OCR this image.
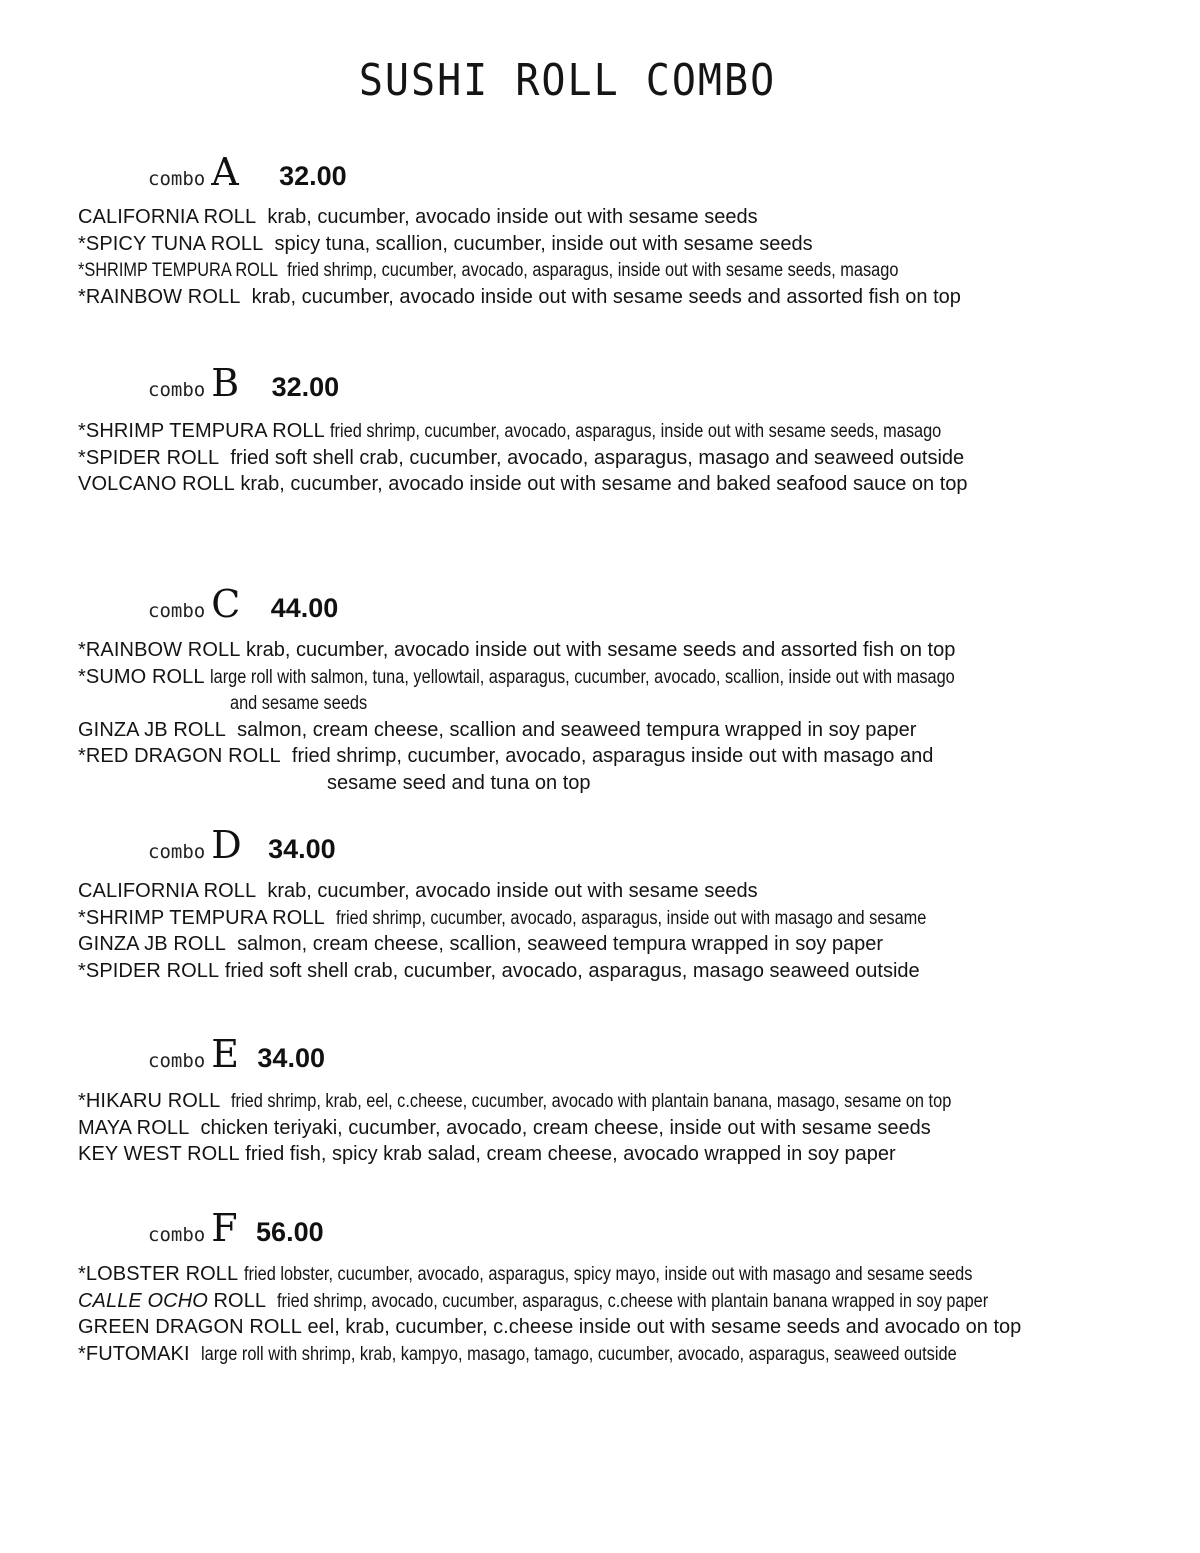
SUSHI ROLL COMBO
combo A 32.00
CALIFORNIA ROLL krab, cucumber, avocado inside out with sesame seeds
*SPICY TUNA ROLL spicy tuna, scallion, cucumber, inside out with sesame seeds
*SHRIMP TEMPURA ROLL fried shrimp, cucumber, avocado, asparagus, inside out with sesame seeds, masago
*RAINBOW ROLL krab, cucumber, avocado inside out with sesame seeds and assorted fish on top
combo B 32.00
*SHRIMP TEMPURA ROLL fried shrimp, cucumber, avocado, asparagus, inside out with sesame seeds, masago
*SPIDER ROLL fried soft shell crab, cucumber, avocado, asparagus, masago and seaweed outside
VOLCANO ROLL krab, cucumber, avocado inside out with sesame and baked seafood sauce on top
combo C 44.00
*RAINBOW ROLL krab, cucumber, avocado inside out with sesame seeds and assorted fish on top
*SUMO ROLL large roll with salmon, tuna, yellowtail, asparagus, cucumber, avocado, scallion, inside out with masago
and sesame seeds
GINZA JB ROLL salmon, cream cheese, scallion and seaweed tempura wrapped in soy paper
*RED DRAGON ROLL fried shrimp, cucumber, avocado, asparagus inside out with masago and
sesame seed and tuna on top
combo D 34.00
CALIFORNIA ROLL krab, cucumber, avocado inside out with sesame seeds
*SHRIMP TEMPURA ROLL fried shrimp, cucumber, avocado, asparagus, inside out with masago and sesame
GINZA JB ROLL salmon, cream cheese, scallion, seaweed tempura wrapped in soy paper
*SPIDER ROLL fried soft shell crab, cucumber, avocado, asparagus, masago seaweed outside
combo E 34.00
*HIKARU ROLL fried shrimp, krab, eel, c.cheese, cucumber, avocado with plantain banana, masago, sesame on top
MAYA ROLL chicken teriyaki, cucumber, avocado, cream cheese, inside out with sesame seeds
KEY WEST ROLL fried fish, spicy krab salad, cream cheese, avocado wrapped in soy paper
combo F 56.00
*LOBSTER ROLL fried lobster, cucumber, avocado, asparagus, spicy mayo, inside out with masago and sesame seeds
CALLE OCHO ROLL fried shrimp, avocado, cucumber, asparagus, c.cheese with plantain banana wrapped in soy paper
GREEN DRAGON ROLL eel, krab, cucumber, c.cheese inside out with sesame seeds and avocado on top
*FUTOMAKI large roll with shrimp, krab, kampyo, masago, tamago, cucumber, avocado, asparagus, seaweed outside
